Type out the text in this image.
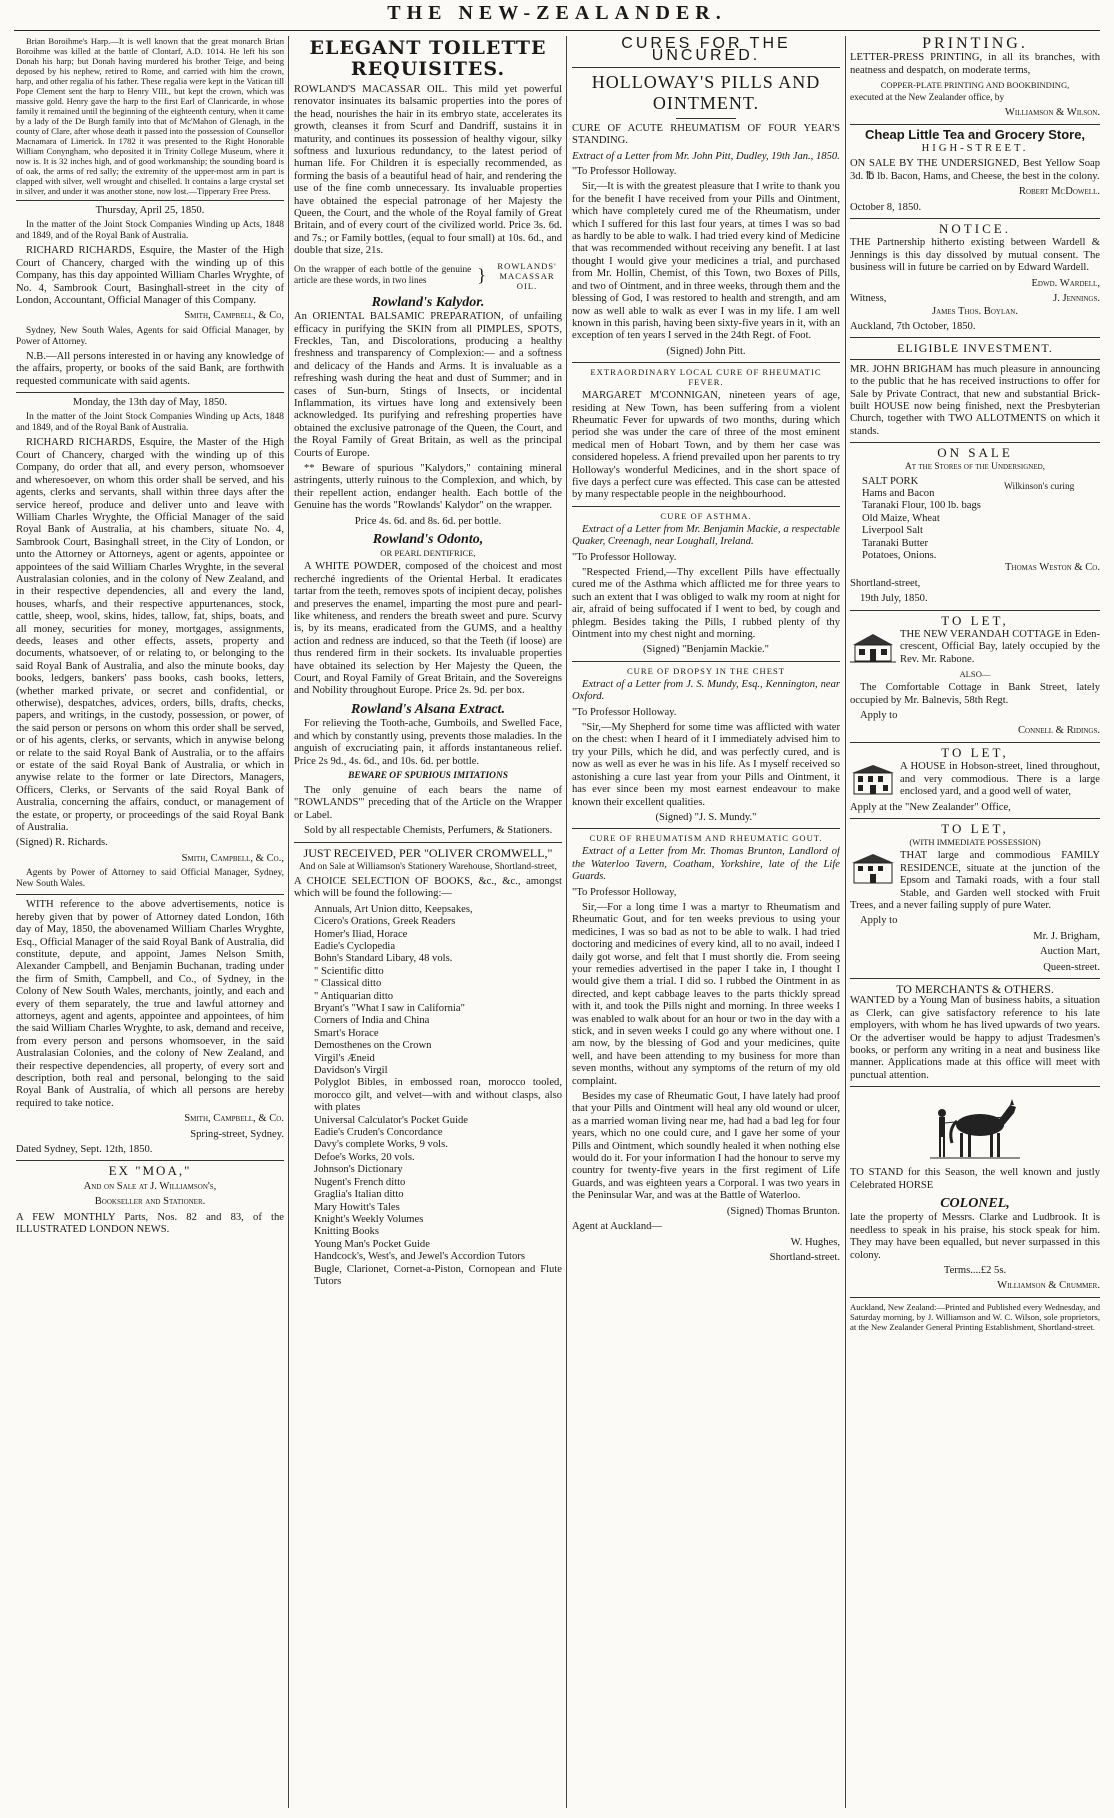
THE NEW-ZEALANDER.

Brian Boroihme's Harp.—It is well known that the great monarch Brian Boroihme was killed at the battle of Clontarf, A.D. 1014. He left his son Donah his harp; but Donah having murdered his brother Teige, and being deposed by his nephew, retired to Rome, and carried with him the crown, harp, and other regalia of his father. These regalia were kept in the Vatican till Pope Clement sent the harp to Henry VIII., but kept the crown, which was massive gold. Henry gave the harp to the first Earl of Clanricarde, in whose family it remained until the beginning of the eighteenth century, when it came by a lady of the De Burgh family into that of Mc'Mahon of Glenagh, in the county of Clare, after whose death it passed into the possession of Counsellor Macnamara of Limerick. In 1782 it was presented to the Right Honorable William Conyngham, who deposited it in Trinity College Museum, where it now is. It is 32 inches high, and of good workmanship; the sounding board is of oak, the arms of red sally; the extremity of the upper-most arm in part is clapped with silver, well wrought and chiselled. It contains a large crystal set in silver, and under it was another stone, now lost.—Tipperary Free Press.

Thursday, April 25, 1850.

In the matter of the Joint Stock Companies Winding up Acts, 1848 and 1849, and of the Royal Bank of Australia.

RICHARD RICHARDS, Esquire, the Master of the High Court of Chancery, charged with the winding up of this Company, has this day appointed William Charles Wryghte, of No. 4, Sambrook Court, Basinghall-street in the city of London, Accountant, Official Manager of this Company.

Smith, Campbell, & Co,

Sydney, New South Wales, Agents for said Official Manager, by Power of Attorney.

N.B.—All persons interested in or having any knowledge of the affairs, property, or books of the said Bank, are forthwith requested communicate with said agents.

Monday, the 13th day of May, 1850.

In the matter of the Joint Stock Companies Winding up Acts, 1848 and 1849, and of the Royal Bank of Australia.

RICHARD RICHARDS, Esquire, the Master of the High Court of Chancery, charged with the winding up of this Company, do order that all, and every person, whomsoever and wheresoever, on whom this order shall be served, and his agents, clerks and servants, shall within three days after the service hereof, produce and deliver unto and leave with William Charles Wryghte, the Official Manager of the said Royal Bank of Australia, at his chambers, situate No. 4, Sambrook Court, Basinghall street, in the City of London, or unto the Attorney or Attorneys, agent or agents, appointee or appointees of the said William Charles Wryghte, in the several Australasian colonies, and in the colony of New Zealand, and in their respective dependencies, all and every the land, houses, wharfs, and their respective appurtenances, stock, cattle, sheep, wool, skins, hides, tallow, fat, ships, boats, and all money, securities for money, mortgages, assignments, deeds, leases and other effects, assets, property and documents, whatsoever, of or relating to, or belonging to the said Royal Bank of Australia, and also the minute books, day books, ledgers, bankers' pass books, cash books, letters, (whether marked private, or secret and confidential, or otherwise), despatches, advices, orders, bills, drafts, checks, papers, and writings, in the custody, possession, or power, of the said person or persons on whom this order shall be served, or of his agents, clerks, or servants, which in anywise belong or relate to the said Royal Bank of Australia, or to the affairs or estate of the said Royal Bank of Australia, or which in anywise relate to the former or late Directors, Managers, Officers, Clerks, or Servants of the said Royal Bank of Australia, concerning the affairs, conduct, or management of the estate, or property, or proceedings of the said Royal Bank of Australia.

(Signed) R. Richards.

Smith, Campbell, & Co.,

Agents by Power of Attorney to said Official Manager, Sydney, New South Wales.

WITH reference to the above advertisements, notice is hereby given that by power of Attorney dated London, 16th day of May, 1850, the abovenamed William Charles Wryghte, Esq., Official Manager of the said Royal Bank of Australia, did constitute, depute, and appoint, James Nelson Smith, Alexander Campbell, and Benjamin Buchanan, trading under the firm of Smith, Campbell, and Co., of Sydney, in the Colony of New South Wales, merchants, jointly, and each and every of them separately, the true and lawful attorney and attorneys, agent and agents, appointee and appointees, of him the said William Charles Wryghte, to ask, demand and receive, from every person and persons whomsoever, in the said Australasian Colonies, and the colony of New Zealand, and their respective dependencies, all property, of every sort and description, both real and personal, belonging to the said Royal Bank of Australia, of which all persons are hereby required to take notice.

Smith, Campbell, & Co.

Spring-street, Sydney.

Dated Sydney, Sept. 12th, 1850.

EX "MOA,"

And on Sale at J. Williamson's,

Bookseller and Stationer.

A FEW MONTHLY Parts, Nos. 82 and 83, of the ILLUSTRATED LONDON NEWS.

ELEGANT TOILETTE REQUISITES.

ROWLAND'S MACASSAR OIL. This mild yet powerful renovator insinuates its balsamic properties into the pores of the head, nourishes the hair in its embryo state, accelerates its growth, cleanses it from Scurf and Dandriff, sustains it in maturity, and continues its possession of healthy vigour, silky softness and luxurious redundancy, to the latest period of human life. For Children it is especially recommended, as forming the basis of a beautiful head of hair, and rendering the use of the fine comb unnecessary. Its invaluable properties have obtained the especial patronage of her Majesty the Queen, the Court, and the whole of the Royal family of Great Britain, and of every court of the civilized world. Price 3s. 6d. and 7s.; or Family bottles, (equal to four small) at 10s. 6d., and double that size, 21s.

On the wrapper of each bottle of the genuine article are these words, in two lines	}	ROWLANDS' MACASSAR OIL.
Rowland's Kalydor.

An ORIENTAL BALSAMIC PREPARATION, of unfailing efficacy in purifying the SKIN from all PIMPLES, SPOTS, Freckles, Tan, and Discolorations, producing a healthy freshness and transparency of Complexion:— and a softness and delicacy of the Hands and Arms. It is invaluable as a refreshing wash during the heat and dust of Summer; and in cases of Sun-burn, Stings of Insects, or incidental Inflammation, its virtues have long and extensively been acknowledged. Its purifying and refreshing properties have obtained the exclusive patronage of the Queen, the Court, and the Royal Family of Great Britain, as well as the principal Courts of Europe.

** Beware of spurious "Kalydors," containing mineral astringents, utterly ruinous to the Complexion, and which, by their repellent action, endanger health. Each bottle of the Genuine has the words "Rowlands' Kalydor" on the wrapper.

Price 4s. 6d. and 8s. 6d. per bottle.

Rowland's Odonto,

OR PEARL DENTIFRICE,

A WHITE POWDER, composed of the choicest and most recherché ingredients of the Oriental Herbal. It eradicates tartar from the teeth, removes spots of incipient decay, polishes and preserves the enamel, imparting the most pure and pearl-like whiteness, and renders the breath sweet and pure. Scurvy is, by its means, eradicated from the GUMS, and a healthy action and redness are induced, so that the Teeth (if loose) are thus rendered firm in their sockets. Its invaluable properties have obtained its selection by Her Majesty the Queen, the Court, and Royal Family of Great Britain, and the Sovereigns and Nobility throughout Europe. Price 2s. 9d. per box.

Rowland's Alsana Extract.

For relieving the Tooth-ache, Gumboils, and Swelled Face, and which by constantly using, prevents those maladies. In the anguish of excruciating pain, it affords instantaneous relief. Price 2s 9d., 4s. 6d., and 10s. 6d. per bottle.

BEWARE OF SPURIOUS IMITATIONS

The only genuine of each bears the name of "ROWLANDS'" preceding that of the Article on the Wrapper or Label.

Sold by all respectable Chemists, Perfumers, & Stationers.

JUST RECEIVED, PER "OLIVER CROMWELL,"

And on Sale at Williamson's Stationery Warehouse, Shortland-street,

A CHOICE SELECTION OF BOOKS, &c., &c., amongst which will be found the following:—

Annuals, Art Union ditto, Keepsakes,
Cicero's Orations, Greek Readers
Homer's Iliad, Horace
Eadie's Cyclopedia
Bohn's Standard Libary, 48 vols.
" Scientific ditto
" Classical ditto
" Antiquarian ditto
Bryant's "What I saw in California"
Corners of India and China
Smart's Horace
Demosthenes on the Crown
Virgil's Æneid
Davidson's Virgil
Polyglot Bibles, in embossed roan, morocco tooled, morocco gilt, and velvet—with and without clasps, also with plates
Universal Calculator's Pocket Guide
Eadie's Cruden's Concordance
Davy's complete Works, 9 vols.
Defoe's Works, 20 vols.
Johnson's Dictionary
Nugent's French ditto
Graglia's Italian ditto
Mary Howitt's Tales
Knight's Weekly Volumes
Knitting Books
Young Man's Pocket Guide
Handcock's, West's, and Jewel's Accordion Tutors
Bugle, Clarionet, Cornet-a-Piston, Cornopean and Flute Tutors
CURES FOR THE UNCURED.
HOLLOWAY'S PILLS AND OINTMENT.

CURE OF ACUTE RHEUMATISM OF FOUR YEAR'S STANDING.

Extract of a Letter from Mr. John Pitt, Dudley, 19th Jan., 1850.

"To Professor Holloway.

Sir,—It is with the greatest pleasure that I write to thank you for the benefit I have received from your Pills and Ointment, which have completely cured me of the Rheumatism, under which I suffered for this last four years, at times I was so bad as hardly to be able to walk. I had tried every kind of Medicine that was recommended without receiving any benefit. I at last thought I would give your medicines a trial, and purchased from Mr. Hollin, Chemist, of this Town, two Boxes of Pills, and two of Ointment, and in three weeks, through them and the blessing of God, I was restored to health and strength, and am now as well able to walk as ever I was in my life. I am well known in this parish, having been sixty-five years in it, with an exception of ten years I served in the 24th Regt. of Foot.

(Signed) John Pitt.

EXTRAORDINARY LOCAL CURE OF RHEUMATIC FEVER.

MARGARET M'CONNIGAN, nineteen years of age, residing at New Town, has been suffering from a violent Rheumatic Fever for upwards of two months, during which period she was under the care of three of the most eminent medical men of Hobart Town, and by them her case was considered hopeless. A friend prevailed upon her parents to try Holloway's wonderful Medicines, and in the short space of five days a perfect cure was effected. This case can be attested by many respectable people in the neighbourhood.

CURE OF ASTHMA.

Extract of a Letter from Mr. Benjamin Mackie, a respectable Quaker, Creenagh, near Loughall, Ireland.

"To Professor Holloway.

"Respected Friend,—Thy excellent Pills have effectually cured me of the Asthma which afflicted me for three years to such an extent that I was obliged to walk my room at night for air, afraid of being suffocated if I went to bed, by cough and phlegm. Besides taking the Pills, I rubbed plenty of thy Ointment into my chest night and morning.

(Signed) "Benjamin Mackie."

CURE OF DROPSY IN THE CHEST

Extract of a Letter from J. S. Mundy, Esq., Kennington, near Oxford.

"To Professor Holloway.

"Sir,—My Shepherd for some time was afflicted with water on the chest: when I heard of it I immediately advised him to try your Pills, which he did, and was perfectly cured, and is now as well as ever he was in his life. As I myself received so astonishing a cure last year from your Pills and Ointment, it has ever since been my most earnest endeavour to make known their excellent qualities.

(Signed) "J. S. Mundy."

CURE OF RHEUMATISM AND RHEUMATIC GOUT.

Extract of a Letter from Mr. Thomas Brunton, Landlord of the Waterloo Tavern, Coatham, Yorkshire, late of the Life Guards.

"To Professor Holloway,

Sir,—For a long time I was a martyr to Rheumatism and Rheumatic Gout, and for ten weeks previous to using your medicines, I was so bad as not to be able to walk. I had tried doctoring and medicines of every kind, all to no avail, indeed I daily got worse, and felt that I must shortly die. From seeing your remedies advertised in the paper I take in, I thought I would give them a trial. I did so. I rubbed the Ointment in as directed, and kept cabbage leaves to the parts thickly spread with it, and took the Pills night and morning. In three weeks I was enabled to walk about for an hour or two in the day with a stick, and in seven weeks I could go any where without one. I am now, by the blessing of God and your medicines, quite well, and have been attending to my business for more than seven months, without any symptoms of the return of my old complaint.

Besides my case of Rheumatic Gout, I have lately had proof that your Pills and Ointment will heal any old wound or ulcer, as a married woman living near me, had had a bad leg for four years, which no one could cure, and I gave her some of your Pills and Ointment, which soundly healed it when nothing else would do it. For your information I had the honour to serve my country for twenty-five years in the first regiment of Life Guards, and was eighteen years a Corporal. I was two years in the Peninsular War, and was at the Battle of Waterloo.

(Signed) Thomas Brunton.

Agent at Auckland—

W. Hughes,

Shortland-street.

PRINTING.

LETTER-PRESS PRINTING, in all its branches, with neatness and despatch, on moderate terms,

COPPER-PLATE PRINTING AND BOOKBINDING,

executed at the New Zealander office, by

Williamson & Wilson.

Cheap Little Tea and Grocery Store,

HIGH-STREET.

ON SALE BY THE UNDERSIGNED, Best Yellow Soap 3d. ℔ lb. Bacon, Hams, and Cheese, the best in the colony.

Robert McDowell.

October 8, 1850.

NOTICE.

THE Partnership hitherto existing between Wardell & Jennings is this day dissolved by mutual consent. The business will in future be carried on by Edward Wardell.

Edwd. Wardell,

Witness,	J. Jennings.

James Thos. Boylan.

Auckland, 7th October, 1850.

ELIGIBLE INVESTMENT.

MR. JOHN BRIGHAM has much pleasure in announcing to the public that he has received instructions to offer for Sale by Private Contract, that new and substantial Brick-built HOUSE now being finished, next the Presbyterian Church, together with TWO ALLOTMENTS on which it stands.

ON SALE

At the Stores of the Undersigned,

SALT PORK
Hams and Bacon
Taranaki Flour, 100 lb. bags
Old Maize, Wheat
Liverpool Salt
Taranaki Butter
Potatoes, Onions.
Wilkinson's curing

Thomas Weston & Co.

Shortland-street,

19th July, 1850.

TO LET,

THE NEW VERANDAH COTTAGE in Eden-crescent, Official Bay, lately occupied by the Rev. Mr. Rabone.

ALSO—

The Comfortable Cottage in Bank Street, lately occupied by Mr. Balnevis, 58th Regt.

Apply to

Connell & Ridings.

TO LET,

A HOUSE in Hobson-street, lined throughout, and very commodious. There is a large enclosed yard, and a good well of water,

Apply at the "New Zealander" Office,

TO LET,

(WITH IMMEDIATE POSSESSION)

THAT large and commodious FAMILY RESIDENCE, situate at the junction of the Epsom and Tamaki roads, with a four stall Stable, and Garden well stocked with Fruit Trees, and a never failing supply of pure Water.

Apply to

Mr. J. Brigham,

Auction Mart,

Queen-street.

TO MERCHANTS & OTHERS.

WANTED by a Young Man of business habits, a situation as Clerk, can give satisfactory reference to his late employers, with whom he has lived upwards of two years. Or the advertiser would be happy to adjust Tradesmen's books, or perform any writing in a neat and business like manner. Applications made at this office will meet with punctual attention.

TO STAND for this Season, the well known and justly Celebrated HORSE

COLONEL,

late the property of Messrs. Clarke and Ludbrook. It is needless to speak in his praise, his stock speak for him. They may have been equalled, but never surpassed in this colony.

Terms....£2 5s.

Williamson & Crummer.

Auckland, New Zealand:—Printed and Published every Wednesday, and Saturday morning, by J. Williamson and W. C. Wilson, sole proprietors, at the New Zealander General Printing Establishment, Shortland-street.
